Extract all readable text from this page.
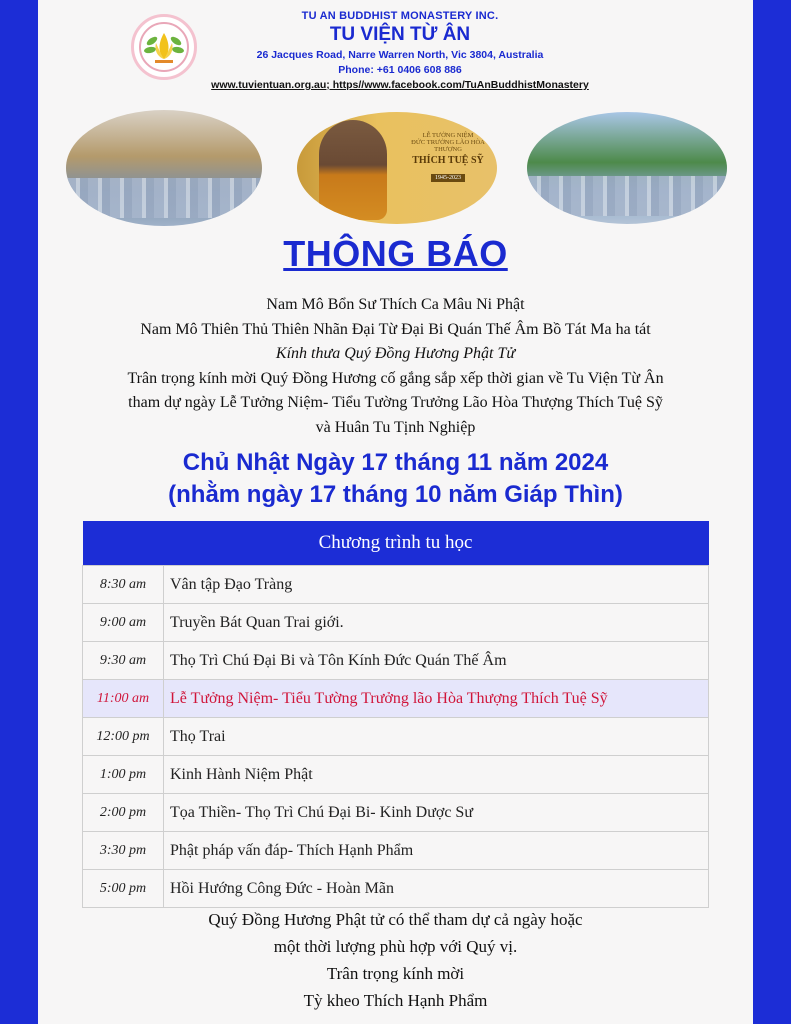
TU AN BUDDHIST MONASTERY INC.
TU VIỆN TỪ ÂN
26 Jacques Road, Narre Warren North, Vic 3804, Australia
Phone: +61 0406 608 886
www.tuvientuan.org.au; https//www.facebook.com/TuAnBuddhistMonastery
LỄ TƯỞNG NIỆM
ĐỨC TRƯỞNG LÃO HÒA THƯỢNG
THÍCH TUỆ SỸ
1945-2023
THÔNG BÁO
Nam Mô Bổn Sư Thích Ca Mâu Ni Phật
Nam Mô Thiên Thủ Thiên Nhãn Đại Từ Đại Bi Quán Thế Âm Bồ Tát Ma ha tát
Kính thưa Quý Đồng Hương Phật Tử
Trân trọng kính mời Quý Đồng Hương cố gắng sắp xếp thời gian về Tu Viện Từ Ân
tham dự ngày Lễ Tưởng Niệm- Tiểu Tường Trưởng Lão Hòa Thượng Thích Tuệ Sỹ
và Huân Tu Tịnh Nghiệp
Chủ Nhật Ngày 17 tháng 11 năm 2024
(nhằm ngày 17 tháng 10 năm Giáp Thìn)
Chương trình tu học	
8:30 am	Vân tập Đạo Tràng
9:00 am	Truyền Bát Quan Trai giới.
9:30 am	Thọ Trì Chú Đại Bi và Tôn Kính Đức Quán Thế Âm
11:00 am	Lễ Tưởng Niệm- Tiểu Tường Trưởng lão Hòa Thượng Thích Tuệ Sỹ
12:00 pm	Thọ Trai
1:00 pm	Kinh Hành Niệm Phật
2:00 pm	Tọa Thiền- Thọ Trì Chú Đại Bi- Kinh Dược Sư
3:30 pm	Phật pháp vấn đáp- Thích Hạnh Phẩm
5:00 pm	Hồi Hướng Công Đức - Hoàn Mãn
Quý Đồng Hương Phật tử có thể tham dự cả ngày hoặc
một thời lượng phù hợp với Quý vị.
Trân trọng kính mời
Tỳ kheo Thích Hạnh Phẩm
